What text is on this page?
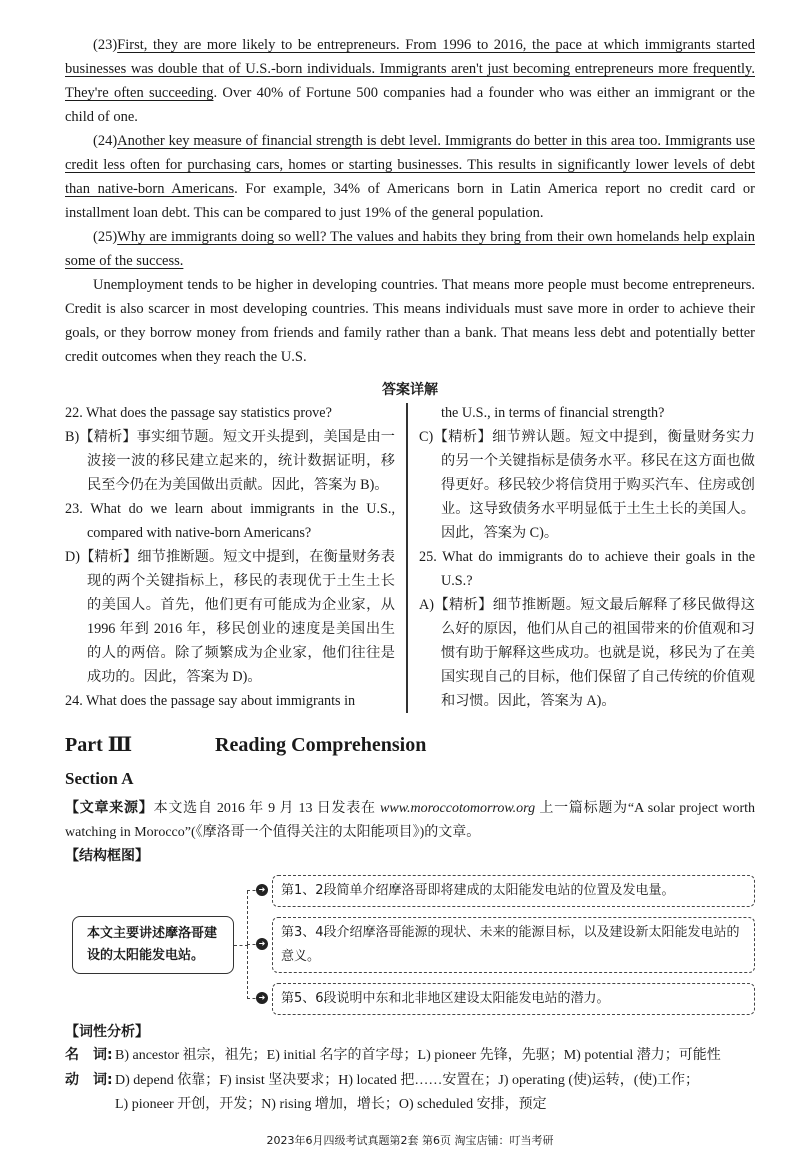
(23)First, they are more likely to be entrepreneurs. From 1996 to 2016, the pace at which immigrants started businesses was double that of U.S.-born individuals. Immigrants aren't just becoming entrepreneurs more frequently. They're often succeeding. Over 40% of Fortune 500 companies had a founder who was either an immigrant or the child of one.

(24)Another key measure of financial strength is debt level. Immigrants do better in this area too. Immigrants use credit less often for purchasing cars, homes or starting businesses. This results in significantly lower levels of debt than native-born Americans. For example, 34% of Americans born in Latin America report no credit card or installment loan debt. This can be compared to just 19% of the general population.

(25)Why are immigrants doing so well? The values and habits they bring from their own homelands help explain some of the success.

Unemployment tends to be higher in developing countries. That means more people must become entrepreneurs. Credit is also scarcer in most developing countries. This means individuals must save more in order to achieve their goals, or they borrow money from friends and family rather than a bank. That means less debt and potentially better credit outcomes when they reach the U.S.

答案详解
22. What does the passage say statistics prove?
B)【精析】事实细节题。短文开头提到，美国是由一波接一波的移民建立起来的，统计数据证明，移民至今仍在为美国做出贡献。因此，答案为 B)。
23. What do we learn about immigrants in the U.S., compared with native-born Americans?
D)【精析】细节推断题。短文中提到，在衡量财务表现的两个关键指标上，移民的表现优于土生土长的美国人。首先，他们更有可能成为企业家，从 1996 年到 2016 年，移民创业的速度是美国出生的人的两倍。除了频繁成为企业家，他们往往是成功的。因此，答案为 D)。
24. What does the passage say about immigrants in
the U.S., in terms of financial strength?
C)【精析】细节辨认题。短文中提到，衡量财务实力的另一个关键指标是债务水平。移民在这方面也做得更好。移民较少将信贷用于购买汽车、住房或创业。这导致债务水平明显低于土生土长的美国人。因此，答案为 C)。
25. What do immigrants do to achieve their goals in the U.S.?
A)【精析】细节推断题。短文最后解释了移民做得这么好的原因，他们从自己的祖国带来的价值观和习惯有助于解释这些成功。也就是说，移民为了在美国实现自己的目标，他们保留了自己传统的价值观和习惯。因此，答案为 A)。
Part Ⅲ	Reading Comprehension
Section A
【文章来源】本文选自 2016 年 9 月 13 日发表在 www.moroccotomorrow.org 上一篇标题为“A solar project worth watching in Morocco”(《摩洛哥一个值得关注的太阳能项目》)的文章。
【结构框图】
本文主要讲述摩洛哥建设的太阳能发电站。
➜	第1、2段简单介绍摩洛哥即将建成的太阳能发电站的位置及发电量。
➜
第3、4段介绍摩洛哥能源的现状、未来的能源目标，以及建设新太阳能发电站的意义。
➜	第5、6段说明中东和北非地区建设太阳能发电站的潜力。
【词性分析】
名　词: B) ancestor 祖宗，祖先；E) initial 名字的首字母；L) pioneer 先锋，先驱；M) potential 潜力；可能性
动　词: D) depend 依靠；F) insist 坚决要求；H) located 把……安置在；J) operating (使)运转，(使)工作；
L) pioneer 开创，开发；N) rising 增加，增长；O) scheduled 安排，预定
2023年6月四级考试真题第2套 第6页 淘宝店铺：叮当考研
